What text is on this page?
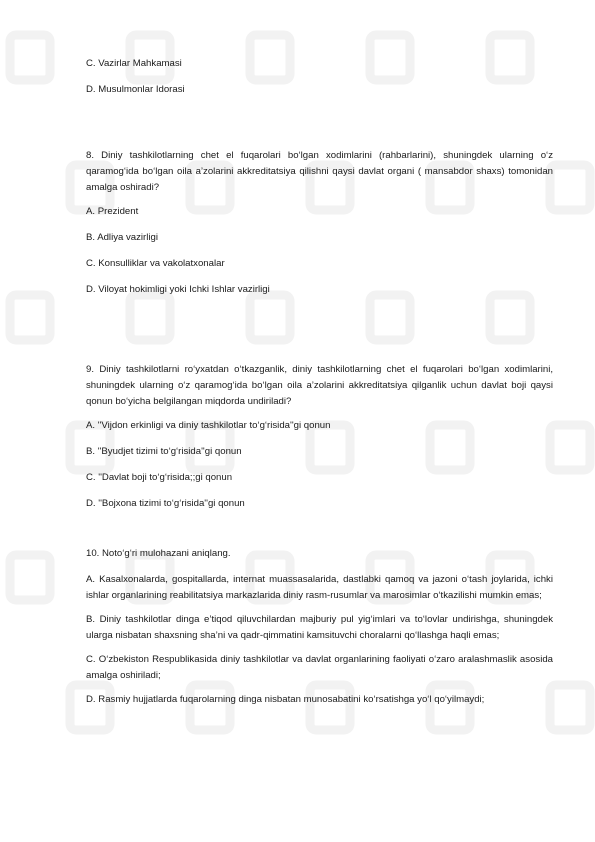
C. Vazirlar Mahkamasi
D. Musulmonlar Idorasi
8. Diniy tashkilotlarning chet el fuqarolari bo‘lgan xodimlarini (rahbarlarini), shuningdek ularning o‘z qaramog‘ida bo‘lgan oila a’zolarini akkreditatsiya qilishni qaysi davlat organi ( mansabdor shaxs) tomonidan amalga oshiradi?
A. Prezident
B. Adliya vazirligi
C. Konsulliklar va vakolatxonalar
D. Viloyat hokimligi yoki Ichki Ishlar vazirligi
9. Diniy tashkilotlarni ro‘yxatdan o‘tkazganlik, diniy tashkilotlarning chet el fuqarolari bo‘lgan xodimlarini, shuningdek ularning o‘z qaramog‘ida bo‘lgan oila a’zolarini akkreditatsiya qilganlik uchun davlat boji qaysi qonun bo‘yicha belgilangan miqdorda undiriladi?
A. ''Vijdon erkinligi va diniy tashkilotlar to‘g‘risida''gi qonun
B. ''Byudjet tizimi to‘g‘risida''gi qonun
C. ''Davlat boji to‘g‘risida;;gi qonun
D. ''Bojxona tizimi to‘g‘risida''gi qonun
10. Noto‘g‘ri mulohazani aniqlang.
A. Kasalxonalarda, gospitallarda, internat muassasalarida, dastlabki qamoq va jazoni o‘tash joylarida, ichki ishlar organlarining reabilitatsiya markazlarida diniy rasm-rusumlar va marosimlar o‘tkazilishi mumkin emas;
B. Diniy tashkilotlar dinga e’tiqod qiluvchilardan majburiy pul yig‘imlari va to‘lovlar undirishga, shuningdek ularga nisbatan shaxsning sha’ni va qadr-qimmatini kamsituvchi choralarni qo‘llashga haqli emas;
C. O‘zbekiston Respublikasida diniy tashkilotlar va davlat organlarining faoliyati o‘zaro aralashmaslik asosida amalga oshiriladi;
D. Rasmiy hujjatlarda fuqarolarning dinga nisbatan munosabatini ko‘rsatishga yo‘l qo‘yilmaydi;
